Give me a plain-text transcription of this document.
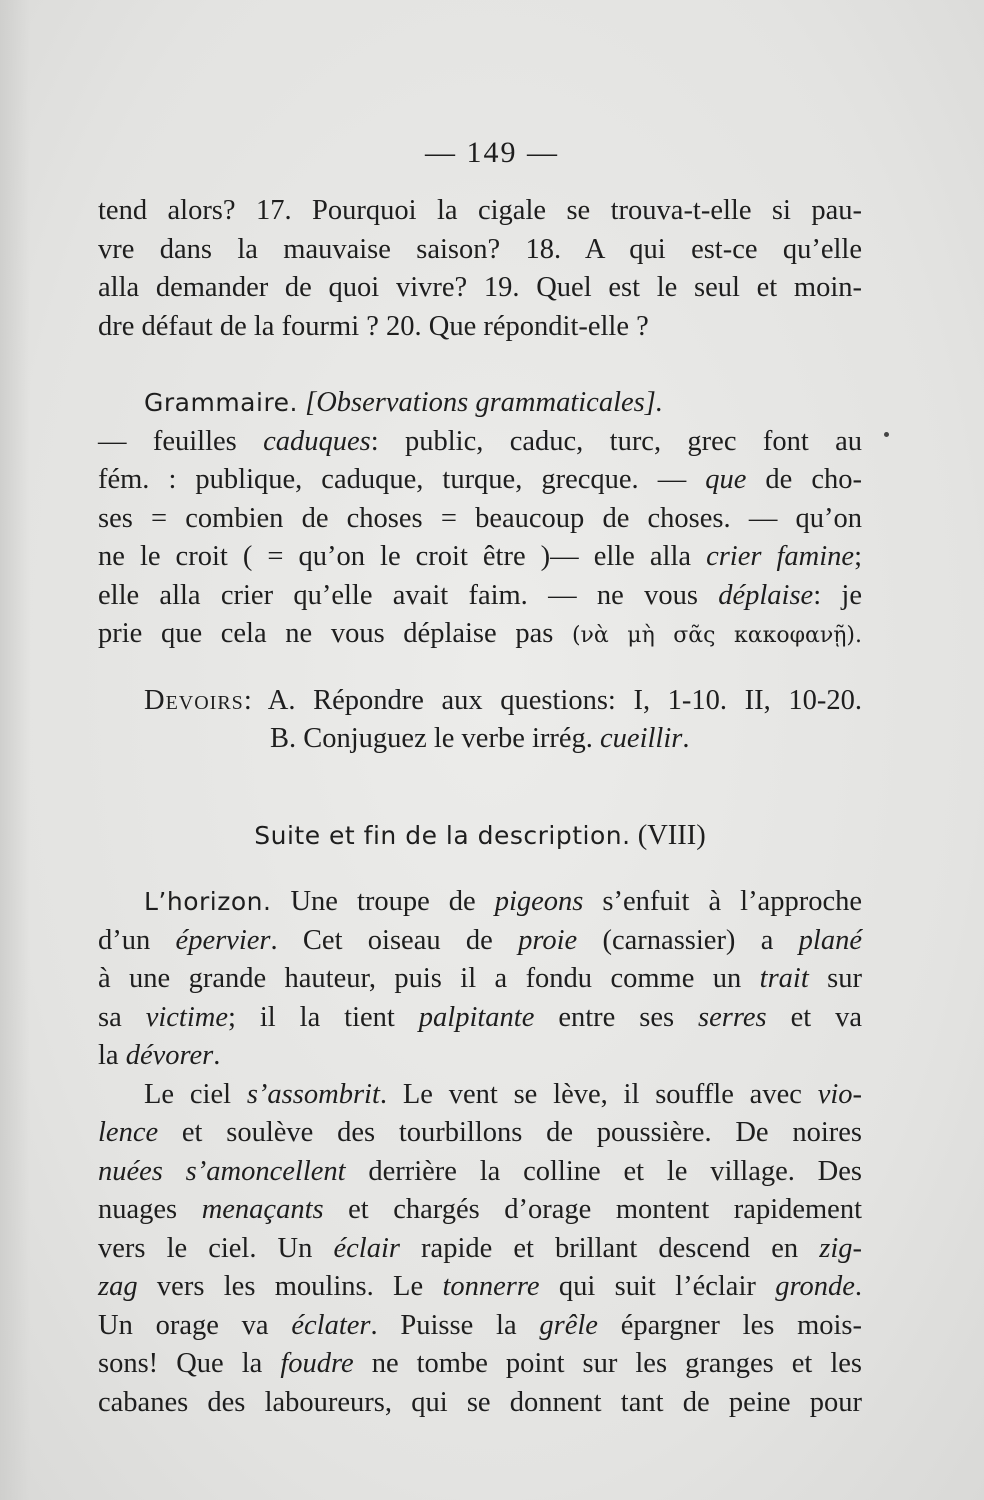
— 149 —

tend alors? 17. Pourquoi la cigale se trouva-t-elle si pau-

vre dans la mauvaise saison? 18. A qui est-ce qu’elle

alla demander de quoi vivre? 19. Quel est le seul et moin-

dre défaut de la fourmi ? 20. Que répondit-elle ?

Grammaire. [Observations grammaticales].

— feuilles caduques: public, caduc, turc, grec font au

fém. : publique, caduque, turque, grecque. — que de cho-

ses = combien de choses = beaucoup de choses. — qu’on

ne le croit ( = qu’on le croit être )— elle alla crier famine;

elle alla crier qu’elle avait faim. — ne vous déplaise: je

prie que cela ne vous déplaise pas (νὰ μὴ σᾶς κακοφανῇ).

Devoirs: A. Répondre aux questions: I, 1-10. II, 10-20.

B. Conjuguez le verbe irrég. cueillir.

Suite et fin de la description. (VIII)

L’horizon. Une troupe de pigeons s’enfuit à l’approche

d’un épervier. Cet oiseau de proie (carnassier) a plané

à une grande hauteur, puis il a fondu comme un trait sur

sa victime; il la tient palpitante entre ses serres et va

la dévorer.

Le ciel s’assombrit. Le vent se lève, il souffle avec vio-

lence et soulève des tourbillons de poussière. De noires

nuées s’amoncellent derrière la colline et le village. Des

nuages menaçants et chargés d’orage montent rapidement

vers le ciel. Un éclair rapide et brillant descend en zig-

zag vers les moulins. Le tonnerre qui suit l’éclair gronde.

Un orage va éclater. Puisse la grêle épargner les mois-

sons! Que la foudre ne tombe point sur les granges et les

cabanes des laboureurs, qui se donnent tant de peine pour
